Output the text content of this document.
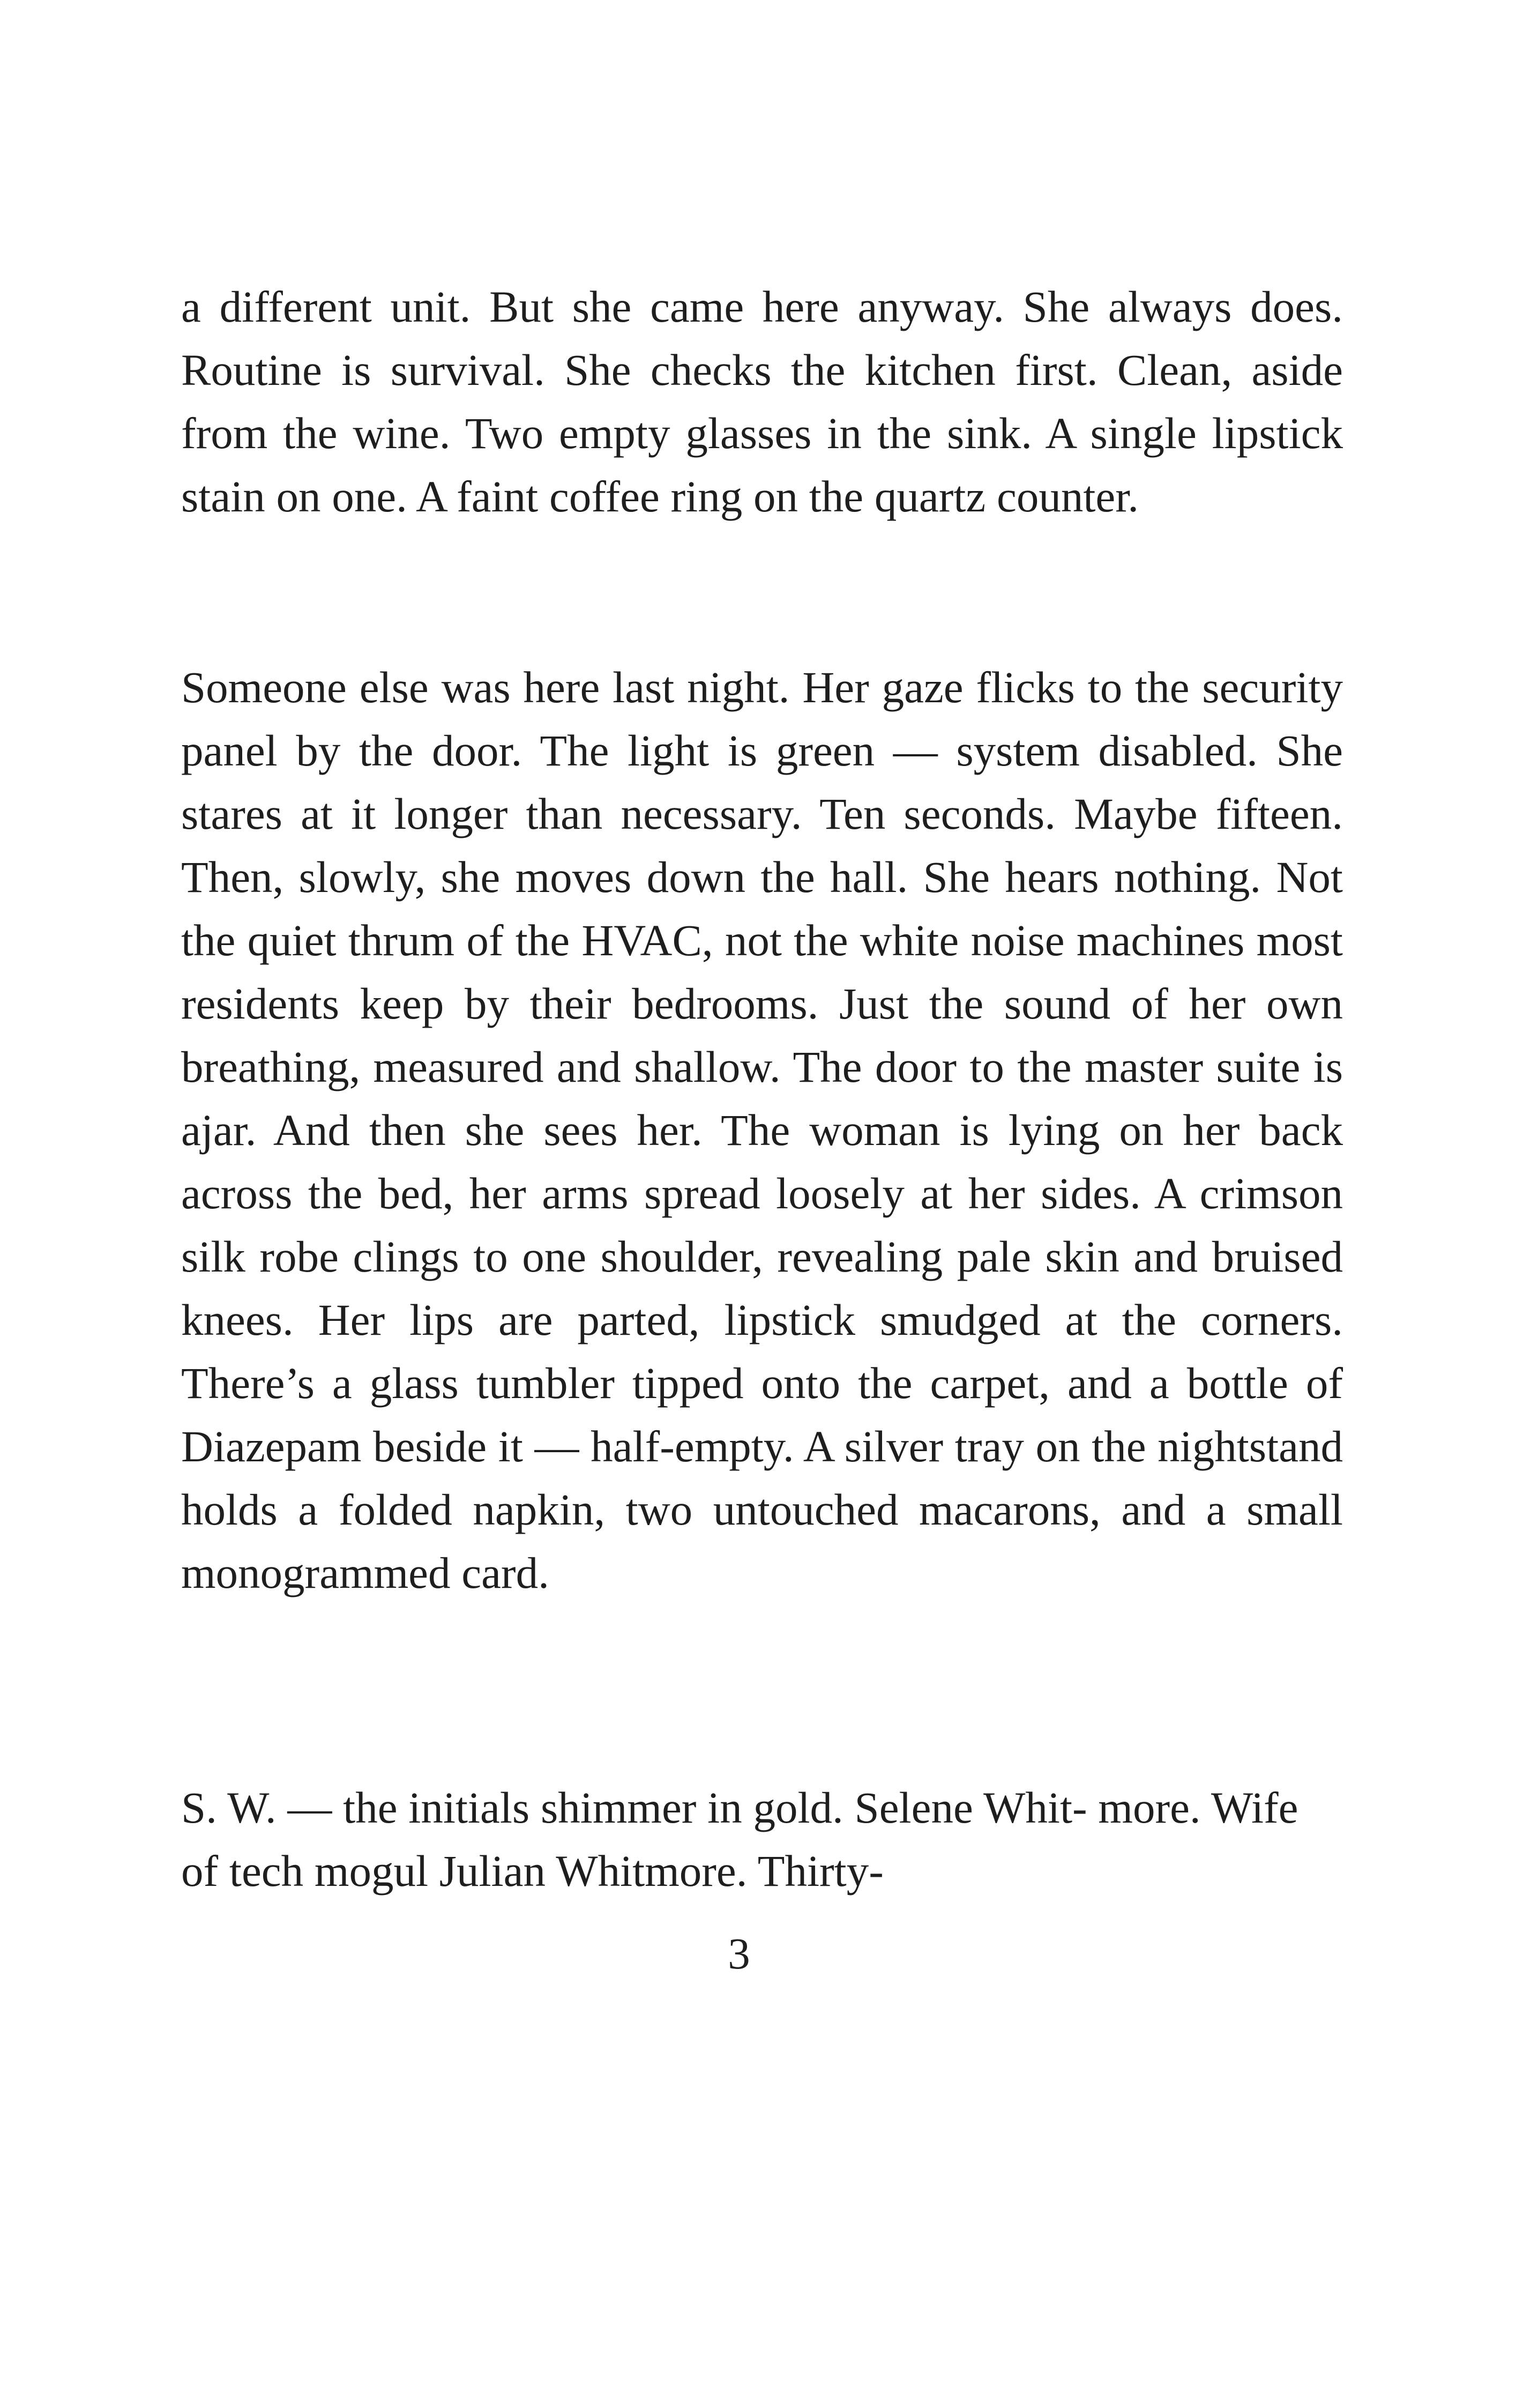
a different unit. But she came here anyway. She always does. Routine is survival. She checks the kitchen first. Clean, aside from the wine. Two empty glasses in the sink. A single lipstick stain on one. A faint coffee ring on the quartz counter.

Someone else was here last night. Her gaze flicks to the security panel by the door. The light is green — system disabled. She stares at it longer than necessary. Ten seconds. Maybe fifteen. Then, slowly, she moves down the hall. She hears nothing. Not the quiet thrum of the HVAC, not the white noise machines most residents keep by their bedrooms. Just the sound of her own breathing, measured and shallow. The door to the master suite is ajar. And then she sees her. The woman is lying on her back across the bed, her arms spread loosely at her sides. A crimson silk robe clings to one shoulder, revealing pale skin and bruised knees. Her lips are parted, lipstick smudged at the corners. There’s a glass tumbler tipped onto the carpet, and a bottle of Diazepam beside it — half-empty. A silver tray on the nightstand holds a folded napkin, two untouched macarons, and a small monogrammed card.

S. W. — the initials shimmer in gold. Selene Whit- more. Wife of tech mogul Julian Whitmore. Thirty-

3
